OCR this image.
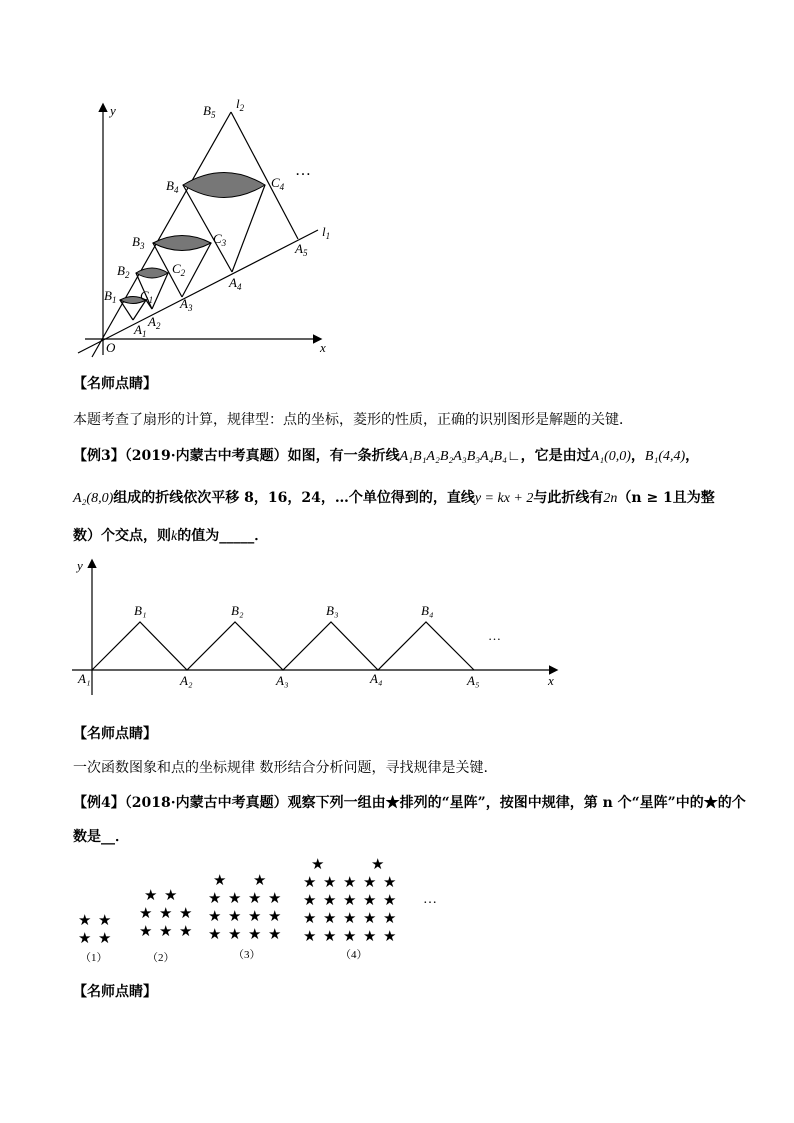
y
x
O
$B_5$
$l_2$
$B_4$	$C_4$
…
$l_1$
$B_3$	$C_3$	$A_5$
$B_2$	$C_2$
$A_4$
$B_1$ $C_1$ $A_3$
$A_2$
$A_1$
【名师点睛】
本题考查了扇形的计算，规律型：点的坐标，菱形的性质，正确的识别图形是解题的关键．
【例3】（2019·内蒙古中考真题）如图，有一条折线A₁B₁A₂B₂A₃B₃A₄B₄∟，它是由过A₁(0,0)，B₁(4,4)，
A₂(8,0)组成的折线依次平移 8，16，24，…个单位得到的，直线y = kx + 2与此折线有2n（n ≥ 1且为整
数）个交点，则k的值为_____．
y
x
B₁	B₂	B₃	B₄
…
A₁	A₂	A₃	A₄	A₅
【名师点睛】
一次函数图象和点的坐标规律 数形结合分析问题，寻找规律是关键.
【例4】（2018·内蒙古中考真题）观察下列一组由★排列的“星阵”，按图中规律，第 n 个“星阵”中的★的个
数是__．
★ ★
★ ★
★ ★
★ ★ ★
★ ★ ★
★ ★
★ ★ ★ ★
★ ★ ★ ★
★ ★ ★ ★
★	★
★ ★ ★ ★ ★
★ ★ ★ ★ ★
★ ★ ★ ★ ★
★ ★ ★ ★ ★
（1）	（2）	（3）	（4）
…
【名师点睛】
